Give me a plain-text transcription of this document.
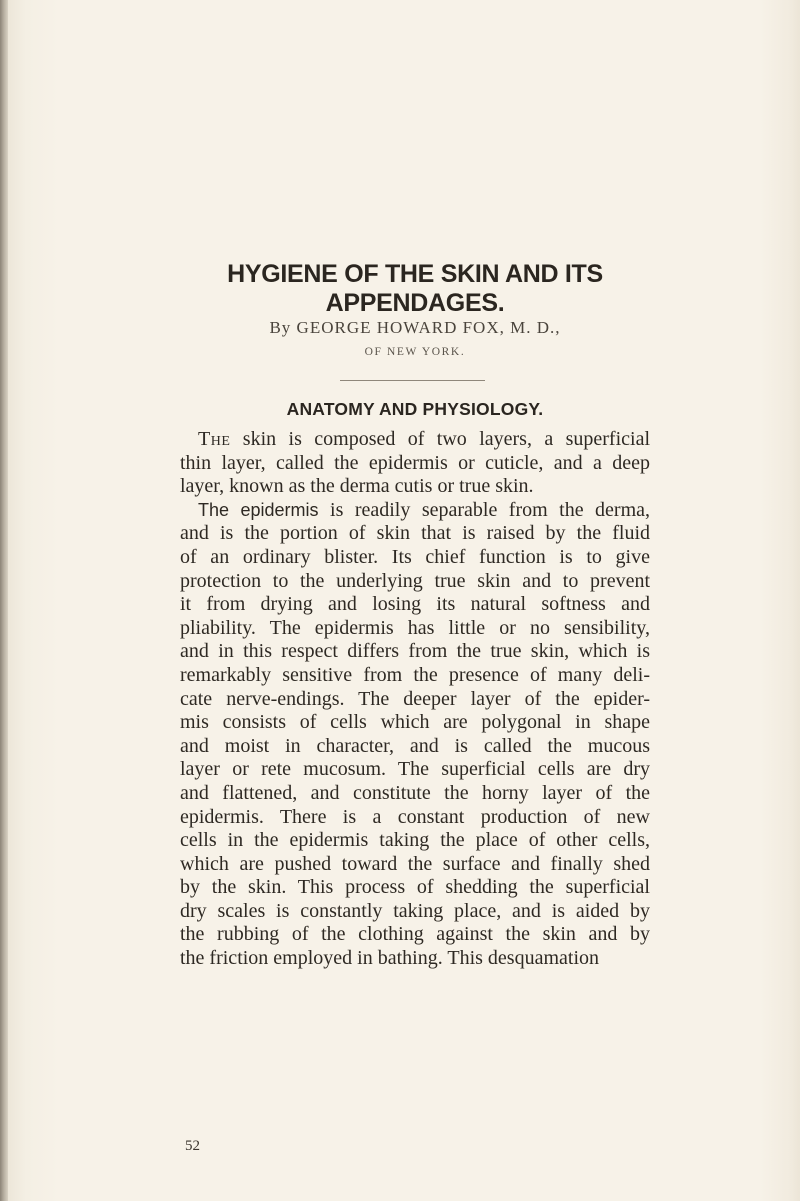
HYGIENE OF THE SKIN AND ITS
APPENDAGES.

By GEORGE HOWARD FOX, M. D.,

OF NEW YORK.

ANATOMY AND PHYSIOLOGY.
The skin is composed of two layers, a superficial
thin layer, called the epidermis or cuticle, and a deep
layer, known as the derma cutis or true skin.
The epidermis is readily separable from the derma,
and is the portion of skin that is raised by the fluid
of an ordinary blister. Its chief function is to give
protection to the underlying true skin and to prevent
it from drying and losing its natural softness and
pliability. The epidermis has little or no sensibility,
and in this respect differs from the true skin, which is
remarkably sensitive from the presence of many deli-
cate nerve-endings. The deeper layer of the epider-
mis consists of cells which are polygonal in shape
and moist in character, and is called the mucous
layer or rete mucosum. The superficial cells are dry
and flattened, and constitute the horny layer of the
epidermis. There is a constant production of new
cells in the epidermis taking the place of other cells,
which are pushed toward the surface and finally shed
by the skin. This process of shedding the superficial
dry scales is constantly taking place, and is aided by
the rubbing of the clothing against the skin and by
the friction employed in bathing. This desquamation

52
